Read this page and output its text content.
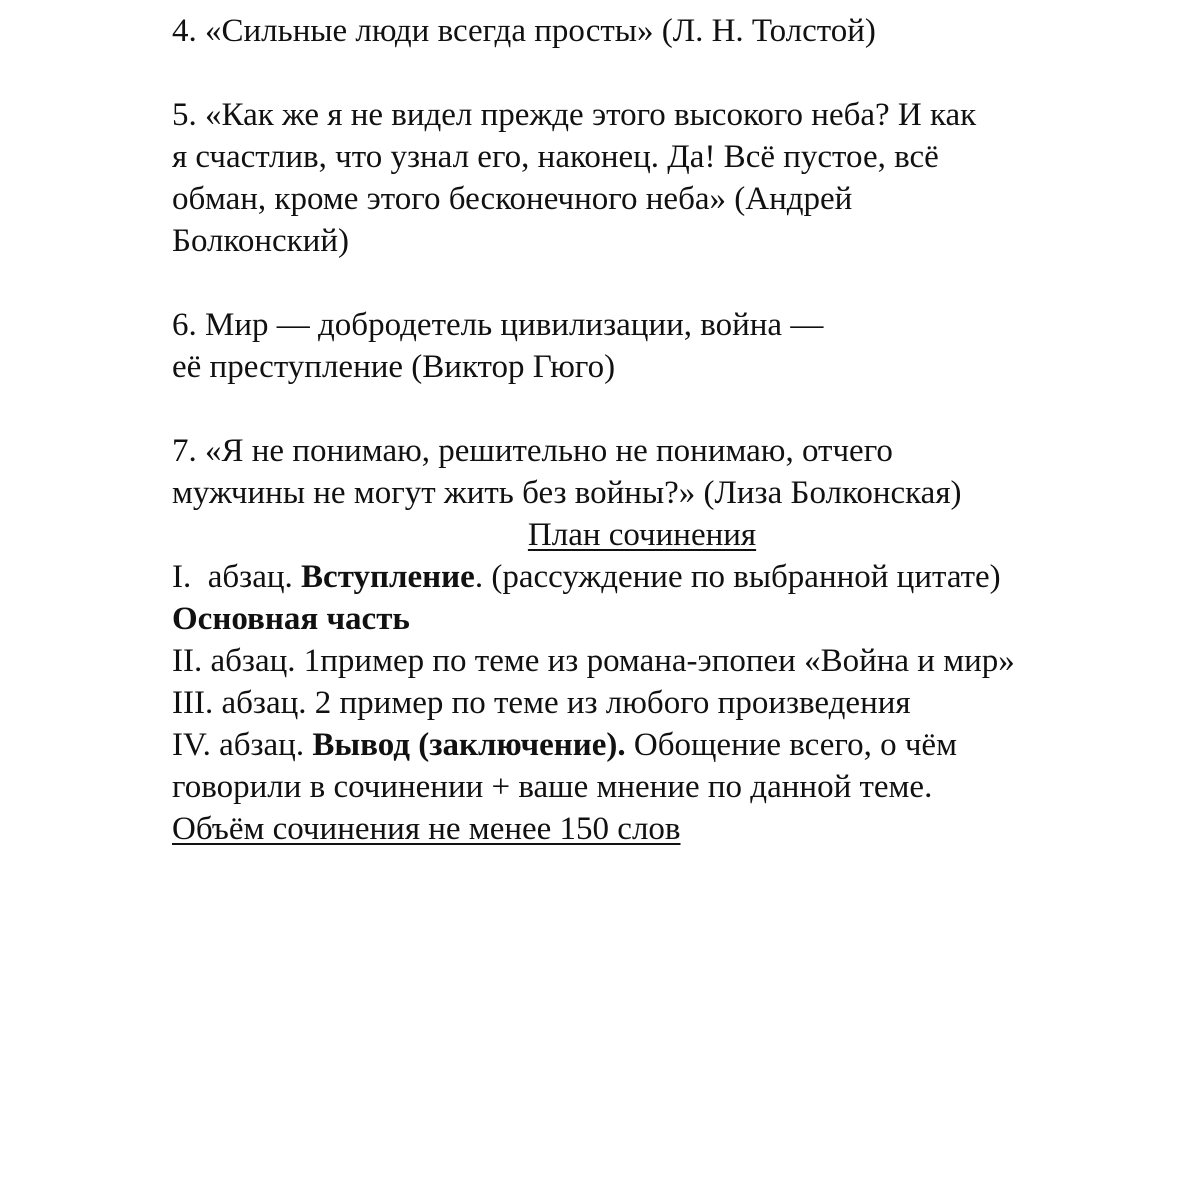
4. «Сильные люди всегда просты» (Л. Н. Толстой)
5. «Как же я не видел прежде этого высокого неба? И как
я счастлив, что узнал его, наконец. Да! Всё пустое, всё
обман, кроме этого бесконечного неба» (Андрей
Болконский)
6. Мир — добродетель цивилизации, война —
её преступление (Виктор Гюго)
7. «Я не понимаю, решительно не понимаю, отчего
мужчины не могут жить без войны?» (Лиза Болконская)
План сочинения
I.  абзац. Вступление. (рассуждение по выбранной цитате)
Основная часть
II. абзац. 1пример по теме из романа-эпопеи «Война и мир»
III. абзац. 2 пример по теме из любого произведения
IV. абзац. Вывод (заключение). Обощение всего, о чём
говорили в сочинении + ваше мнение по данной теме.
Объём сочинения не менее 150 слов
